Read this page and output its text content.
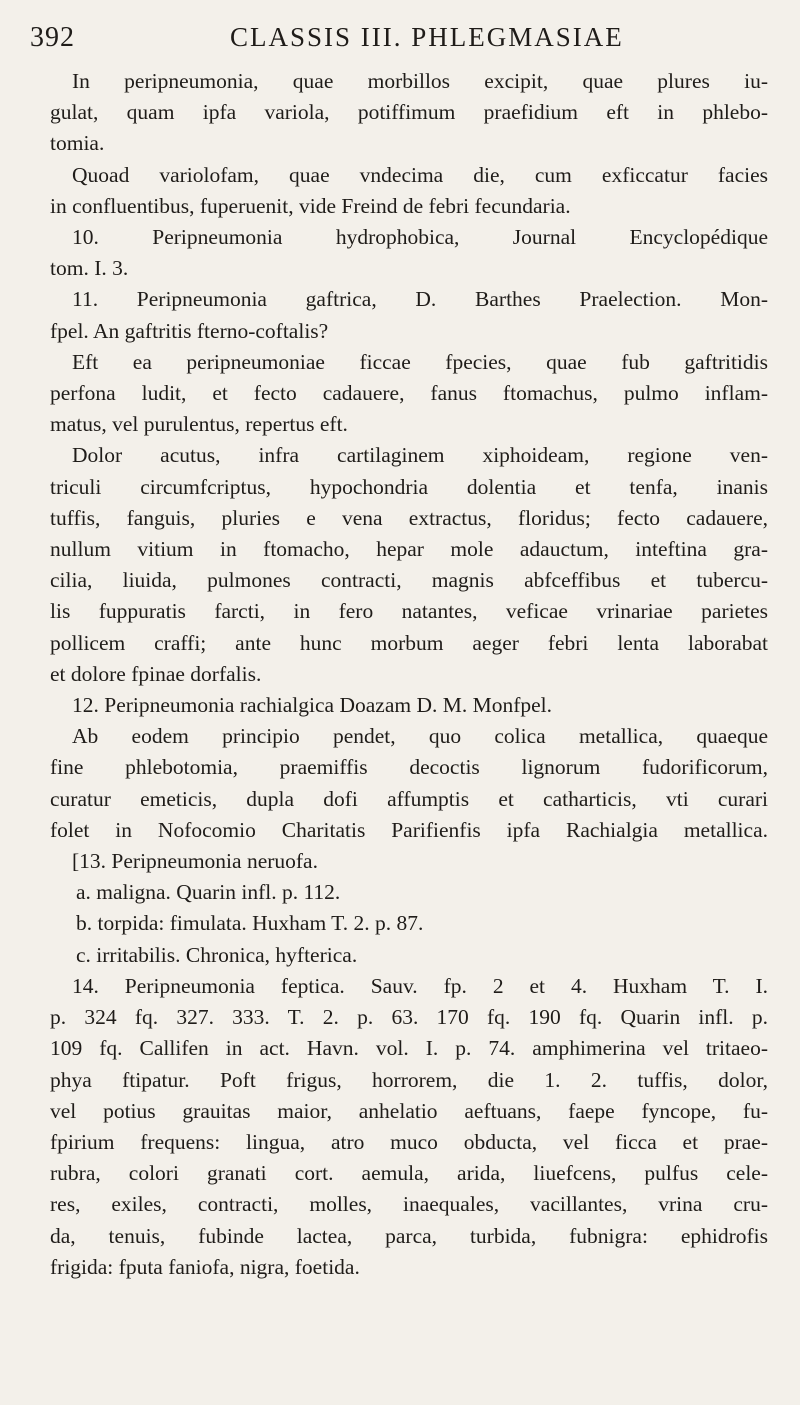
392	CLASSIS III. PHLEGMASIAE
In peripneumonia, quae morbillos excipit, quae plures iu-
gulat, quam ipfa variola, potiffimum praefidium eft in phlebo-
tomia.
Quoad variolofam, quae vndecima die, cum exficcatur facies
in confluentibus, fuperuenit, vide Freind de febri fecundaria.
10. Peripneumonia hydrophobica, Journal Encyclopédique
tom. I. 3.
11. Peripneumonia gaftrica, D. Barthes Praelection. Mon-
fpel. An gaftritis fterno-coftalis?
Eft ea peripneumoniae ficcae fpecies, quae fub gaftritidis
perfona ludit, et fecto cadauere, fanus ftomachus, pulmo inflam-
matus, vel purulentus, repertus eft.
Dolor acutus, infra cartilaginem xiphoideam, regione ven-
triculi circumfcriptus, hypochondria dolentia et tenfa, inanis
tuffis, fanguis, pluries e vena extractus, floridus; fecto cadauere,
nullum vitium in ftomacho, hepar mole adauctum, inteftina gra-
cilia, liuida, pulmones contracti, magnis abfceffibus et tubercu-
lis fuppuratis farcti, in fero natantes, veficae vrinariae parietes
pollicem craffi; ante hunc morbum aeger febri lenta laborabat
et dolore fpinae dorfalis.
12. Peripneumonia rachialgica Doazam D. M. Monfpel.
Ab eodem principio pendet, quo colica metallica, quaeque
fine phlebotomia, praemiffis decoctis lignorum fudorificorum,
curatur emeticis, dupla dofi affumptis et catharticis, vti curari
folet in Nofocomio Charitatis Parifienfis ipfa Rachialgia metallica.
[13. Peripneumonia neruofa.
a. maligna. Quarin infl. p. 112.
b. torpida: fimulata. Huxham T. 2. p. 87.
c. irritabilis. Chronica, hyfterica.
14. Peripneumonia feptica. Sauv. fp. 2 et 4. Huxham T. I.
p. 324 fq. 327. 333. T. 2. p. 63. 170 fq. 190 fq. Quarin infl. p.
109 fq. Callifen in act. Havn. vol. I. p. 74. amphimerina vel tritaeo-
phya ftipatur. Poft frigus, horrorem, die 1. 2. tuffis, dolor,
vel potius grauitas maior, anhelatio aeftuans, faepe fyncope, fu-
fpirium frequens: lingua, atro muco obducta, vel ficca et prae-
rubra, colori granati cort. aemula, arida, liuefcens, pulfus cele-
res, exiles, contracti, molles, inaequales, vacillantes, vrina cru-
da, tenuis, fubinde lactea, parca, turbida, fubnigra: ephidrofis
frigida: fputa faniofa, nigra, foetida.
